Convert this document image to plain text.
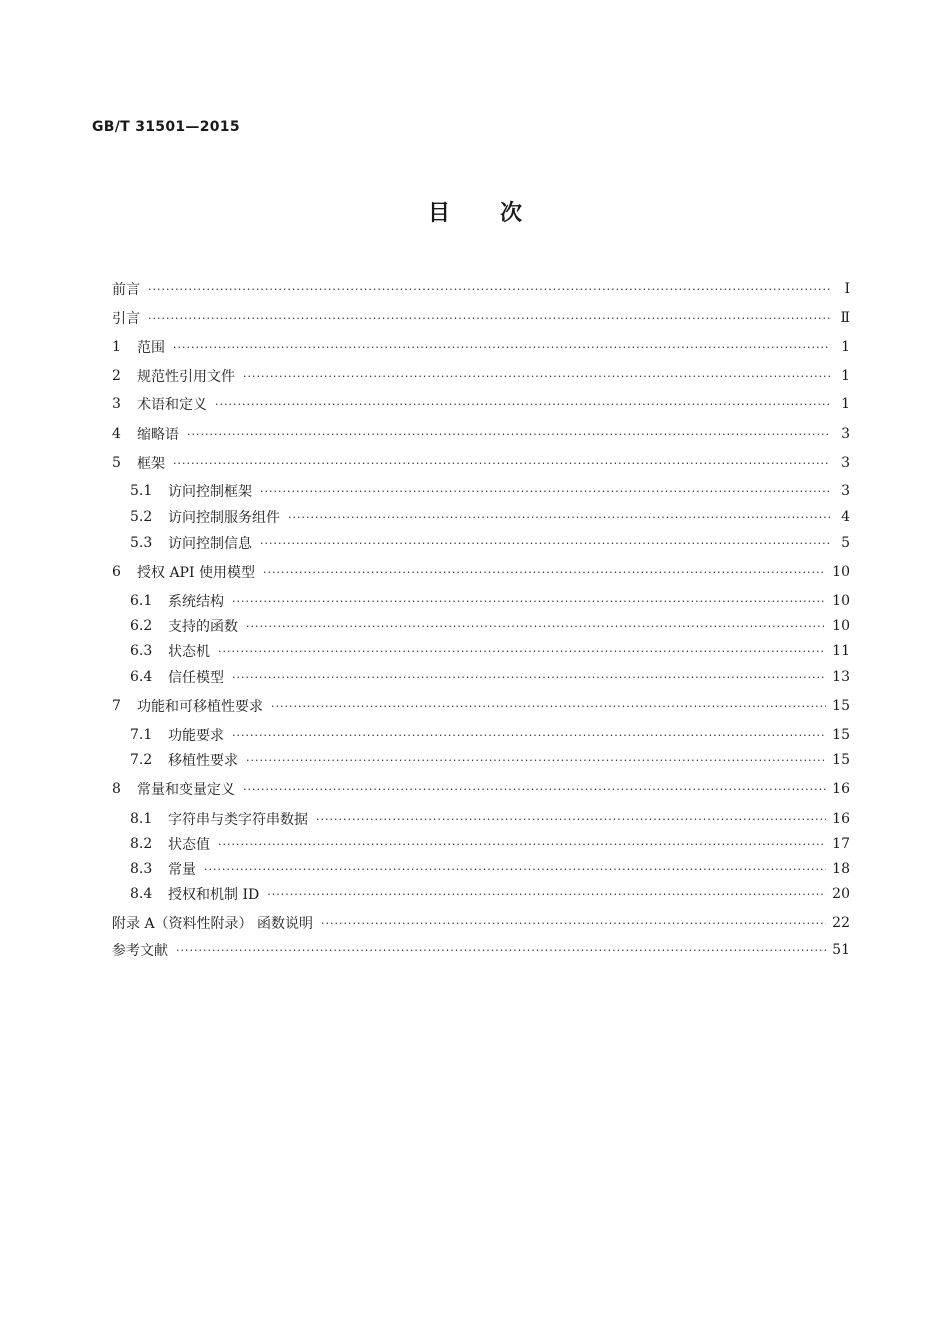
GB/T 31501—2015
目次
前言 ·····	Ⅰ
引言 ·····	Ⅱ
1	范围 ·····	1
2	规范性引用文件 ·····	1
3	术语和定义 ·····	1
4	缩略语 ·····	3
5	框架 ·····	3
5.1	访问控制框架 ·····	3
5.2	访问控制服务组件 ·····	4
5.3	访问控制信息 ·····	5
6	授权 API 使用模型 ·····	10
6.1	系统结构 ·····	10
6.2	支持的函数 ·····	10
6.3	状态机 ·····	11
6.4	信任模型 ·····	13
7	功能和可移植性要求 ·····	15
7.1	功能要求 ·····	15
7.2	移植性要求 ·····	15
8	常量和变量定义 ·····	16
8.1	字符串与类字符串数据 ·····	16
8.2	状态值 ·····	17
8.3	常量 ·····	18
8.4	授权和机制 ID ·····	20
附录 A（资料性附录） 函数说明 ·····	22
参考文献 ·····	51
